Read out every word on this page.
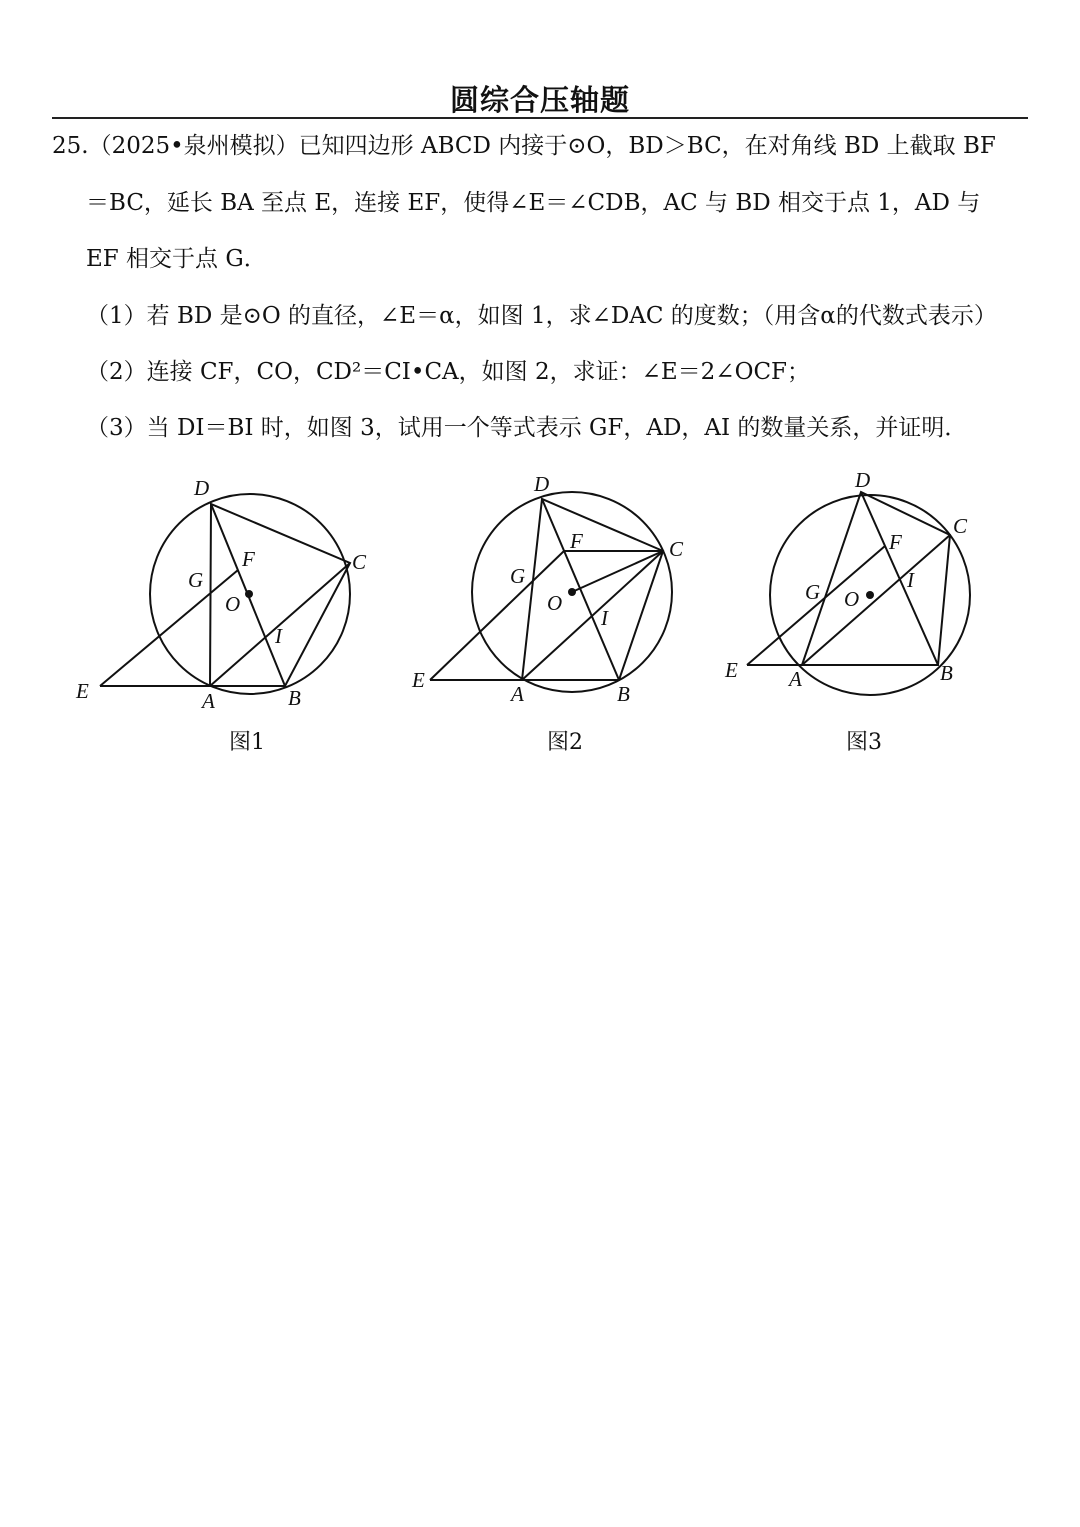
圆综合压轴题
25.（2025•泉州模拟）已知四边形 ABCD 内接于⊙O，BD＞BC，在对角线 BD 上截取 BF
＝BC，延长 BA 至点 E，连接 EF，使得∠E＝∠CDB，AC 与 BD 相交于点 1，AD 与
EF 相交于点 G．
（1）若 BD 是⊙O 的直径，∠E＝α，如图 1，求∠DAC 的度数；（用含α的代数式表示）
（2）连接 CF，CO，CD²＝CI•CA，如图 2，求证：∠E＝2∠OCF；
（3）当 DI＝BI 时，如图 3，试用一个等式表示 GF，AD，AI 的数量关系，并证明．
D
F
G
O
C
I
E	A	B
图1
D
F	C
G
O
I
E
A	B
图2
D
C
F
G O
I
E A	B
图3
